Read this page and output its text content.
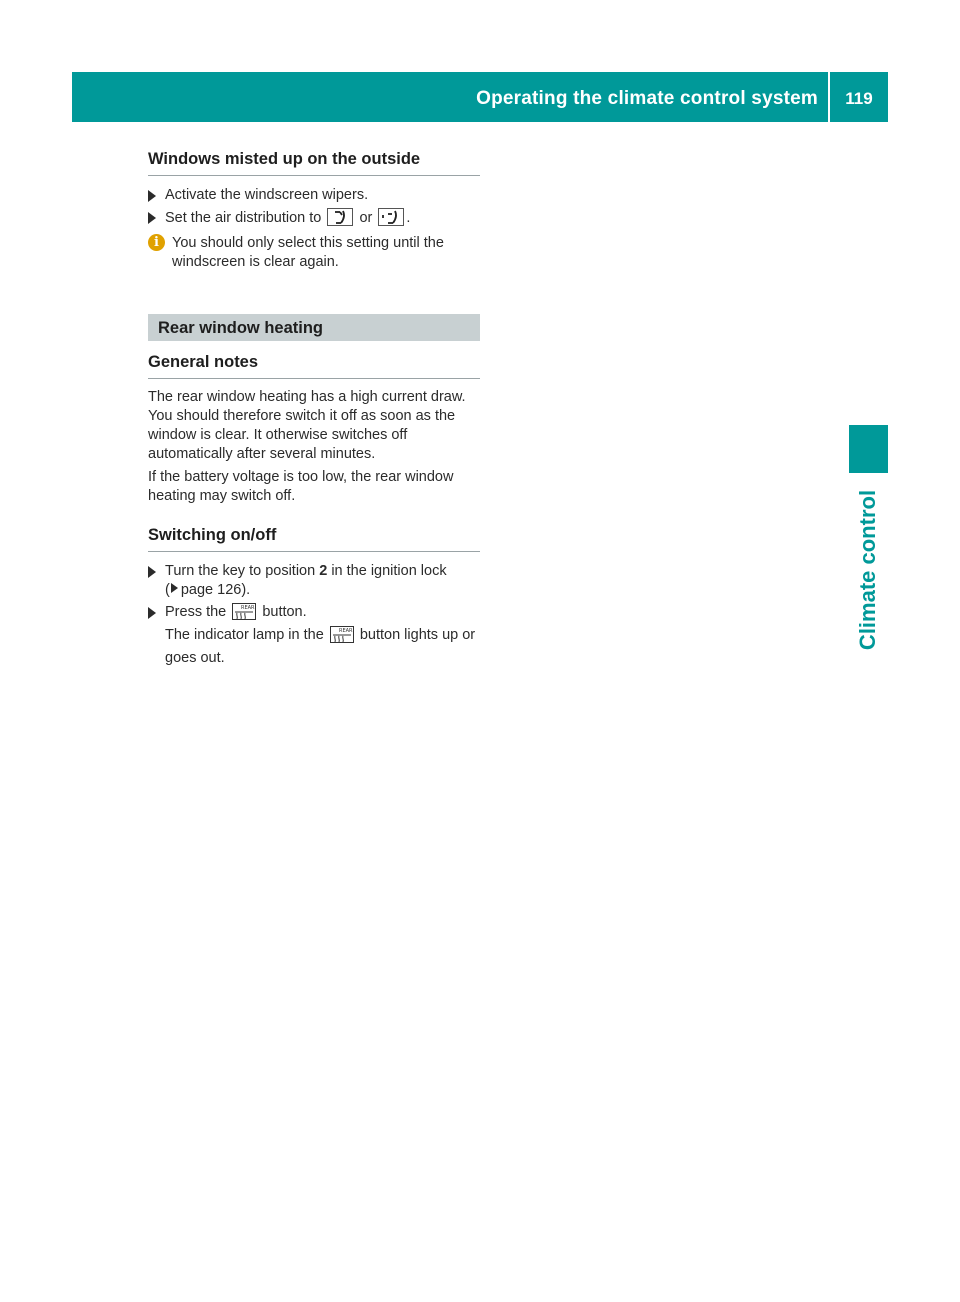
Operating the climate control system	119
Climate control
Windows misted up on the outside
Activate the windscreen wipers.
Set the air distribution to	or .
i You should only select this setting until the windscreen is clear again.
Rear window heating
General notes

The rear window heating has a high current draw. You should therefore switch it off as soon as the window is clear. It otherwise switches off automatically after several minutes.

If the battery voltage is too low, the rear window heating may switch off.

Switching on/off
Turn the key to position 2 in the ignition lock
( page 126).
Press the	REAR button.
The indicator lamp in the	REAR button lights up or goes out.
